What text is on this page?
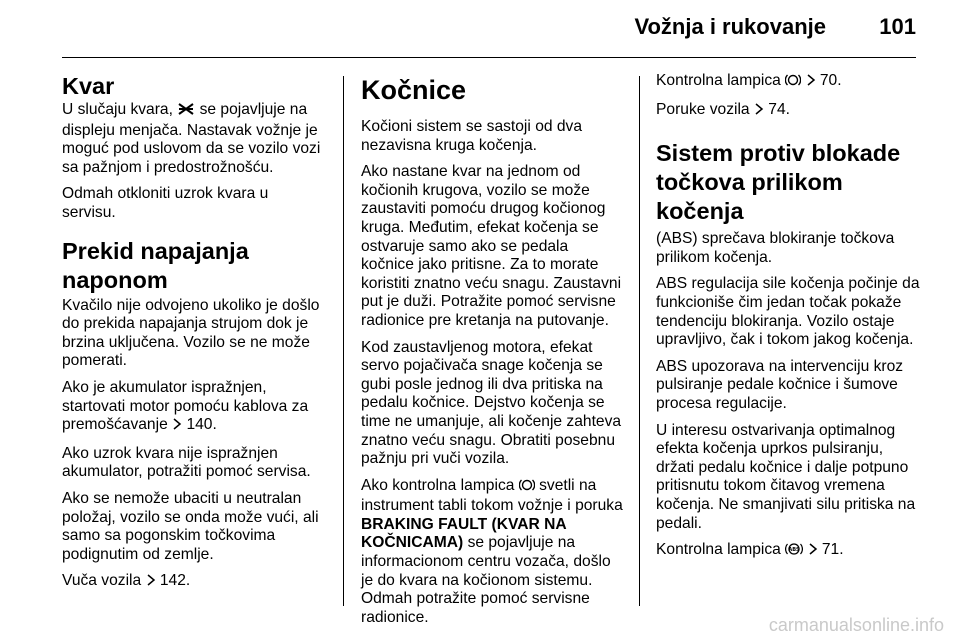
Vožnja i rukovanje 101
Kvar

U slučaju kvara, se pojavljuje na displeju menjača. Nastavak vožnje je moguć pod uslovom da se vozilo vozi sa pažnjom i predostrožnošću.

Odmah otkloniti uzrok kvara u servisu.

Prekid napajanja naponom

Kvačilo nije odvojeno ukoliko je došlo do prekida napajanja strujom dok je brzina uključena. Vozilo se ne može pomerati.

Ako je akumulator ispražnjen, startovati motor pomoću kablova za premošćavanje 140.

Ako uzrok kvara nije ispražnjen akumulator, potražiti pomoć servisa.

Ako se nemože ubaciti u neutralan položaj, vozilo se onda može vući, ali samo sa pogonskim točkovima podignutim od zemlje.

Vuča vozila 142.

Kočnice

Kočioni sistem se sastoji od dva nezavisna kruga kočenja.

Ako nastane kvar na jednom od kočionih krugova, vozilo se može zaustaviti pomoću drugog kočionog kruga. Međutim, efekat kočenja se ostvaruje samo ako se pedala kočnice jako pritisne. Za to morate koristiti znatno veću snagu. Zaustavni put je duži. Potražite pomoć servisne radionice pre kretanja na putovanje.

Kod zaustavljenog motora, efekat servo pojačivača snage kočenja se gubi posle jednog ili dva pritiska na pedalu kočnice. Dejstvo kočenja se time ne umanjuje, ali kočenje zahteva znatno veću snagu. Obratiti posebnu pažnju pri vuči vozila.

Ako kontrolna lampica svetli na instrument tabli tokom vožnje i poruka BRAKING FAULT (KVAR NA KOČNICAMA) se pojavljuje na informacionom centru vozača, došlo je do kvara na kočionom sistemu. Odmah potražite pomoć servisne radionice.

Kontrolna lampica	70.

Poruke vozila 74.

Sistem protiv blokade točkova prilikom kočenja

(ABS) sprečava blokiranje točkova prilikom kočenja.

ABS regulacija sile kočenja počinje da funkcioniše čim jedan točak pokaže tendenciju blokiranja. Vozilo ostaje upravljivo, čak i tokom jakog kočenja.

ABS upozorava na intervenciju kroz pulsiranje pedale kočnice i šumove procesa regulacije.

U interesu ostvarivanja optimalnog efekta kočenja uprkos pulsiranju, držati pedalu kočnice i dalje potpuno pritisnutu tokom čitavog vremena kočenja. Ne smanjivati silu pritiska na pedali.

Kontrolna lampica ABS 71.

carmanualsonline.info
